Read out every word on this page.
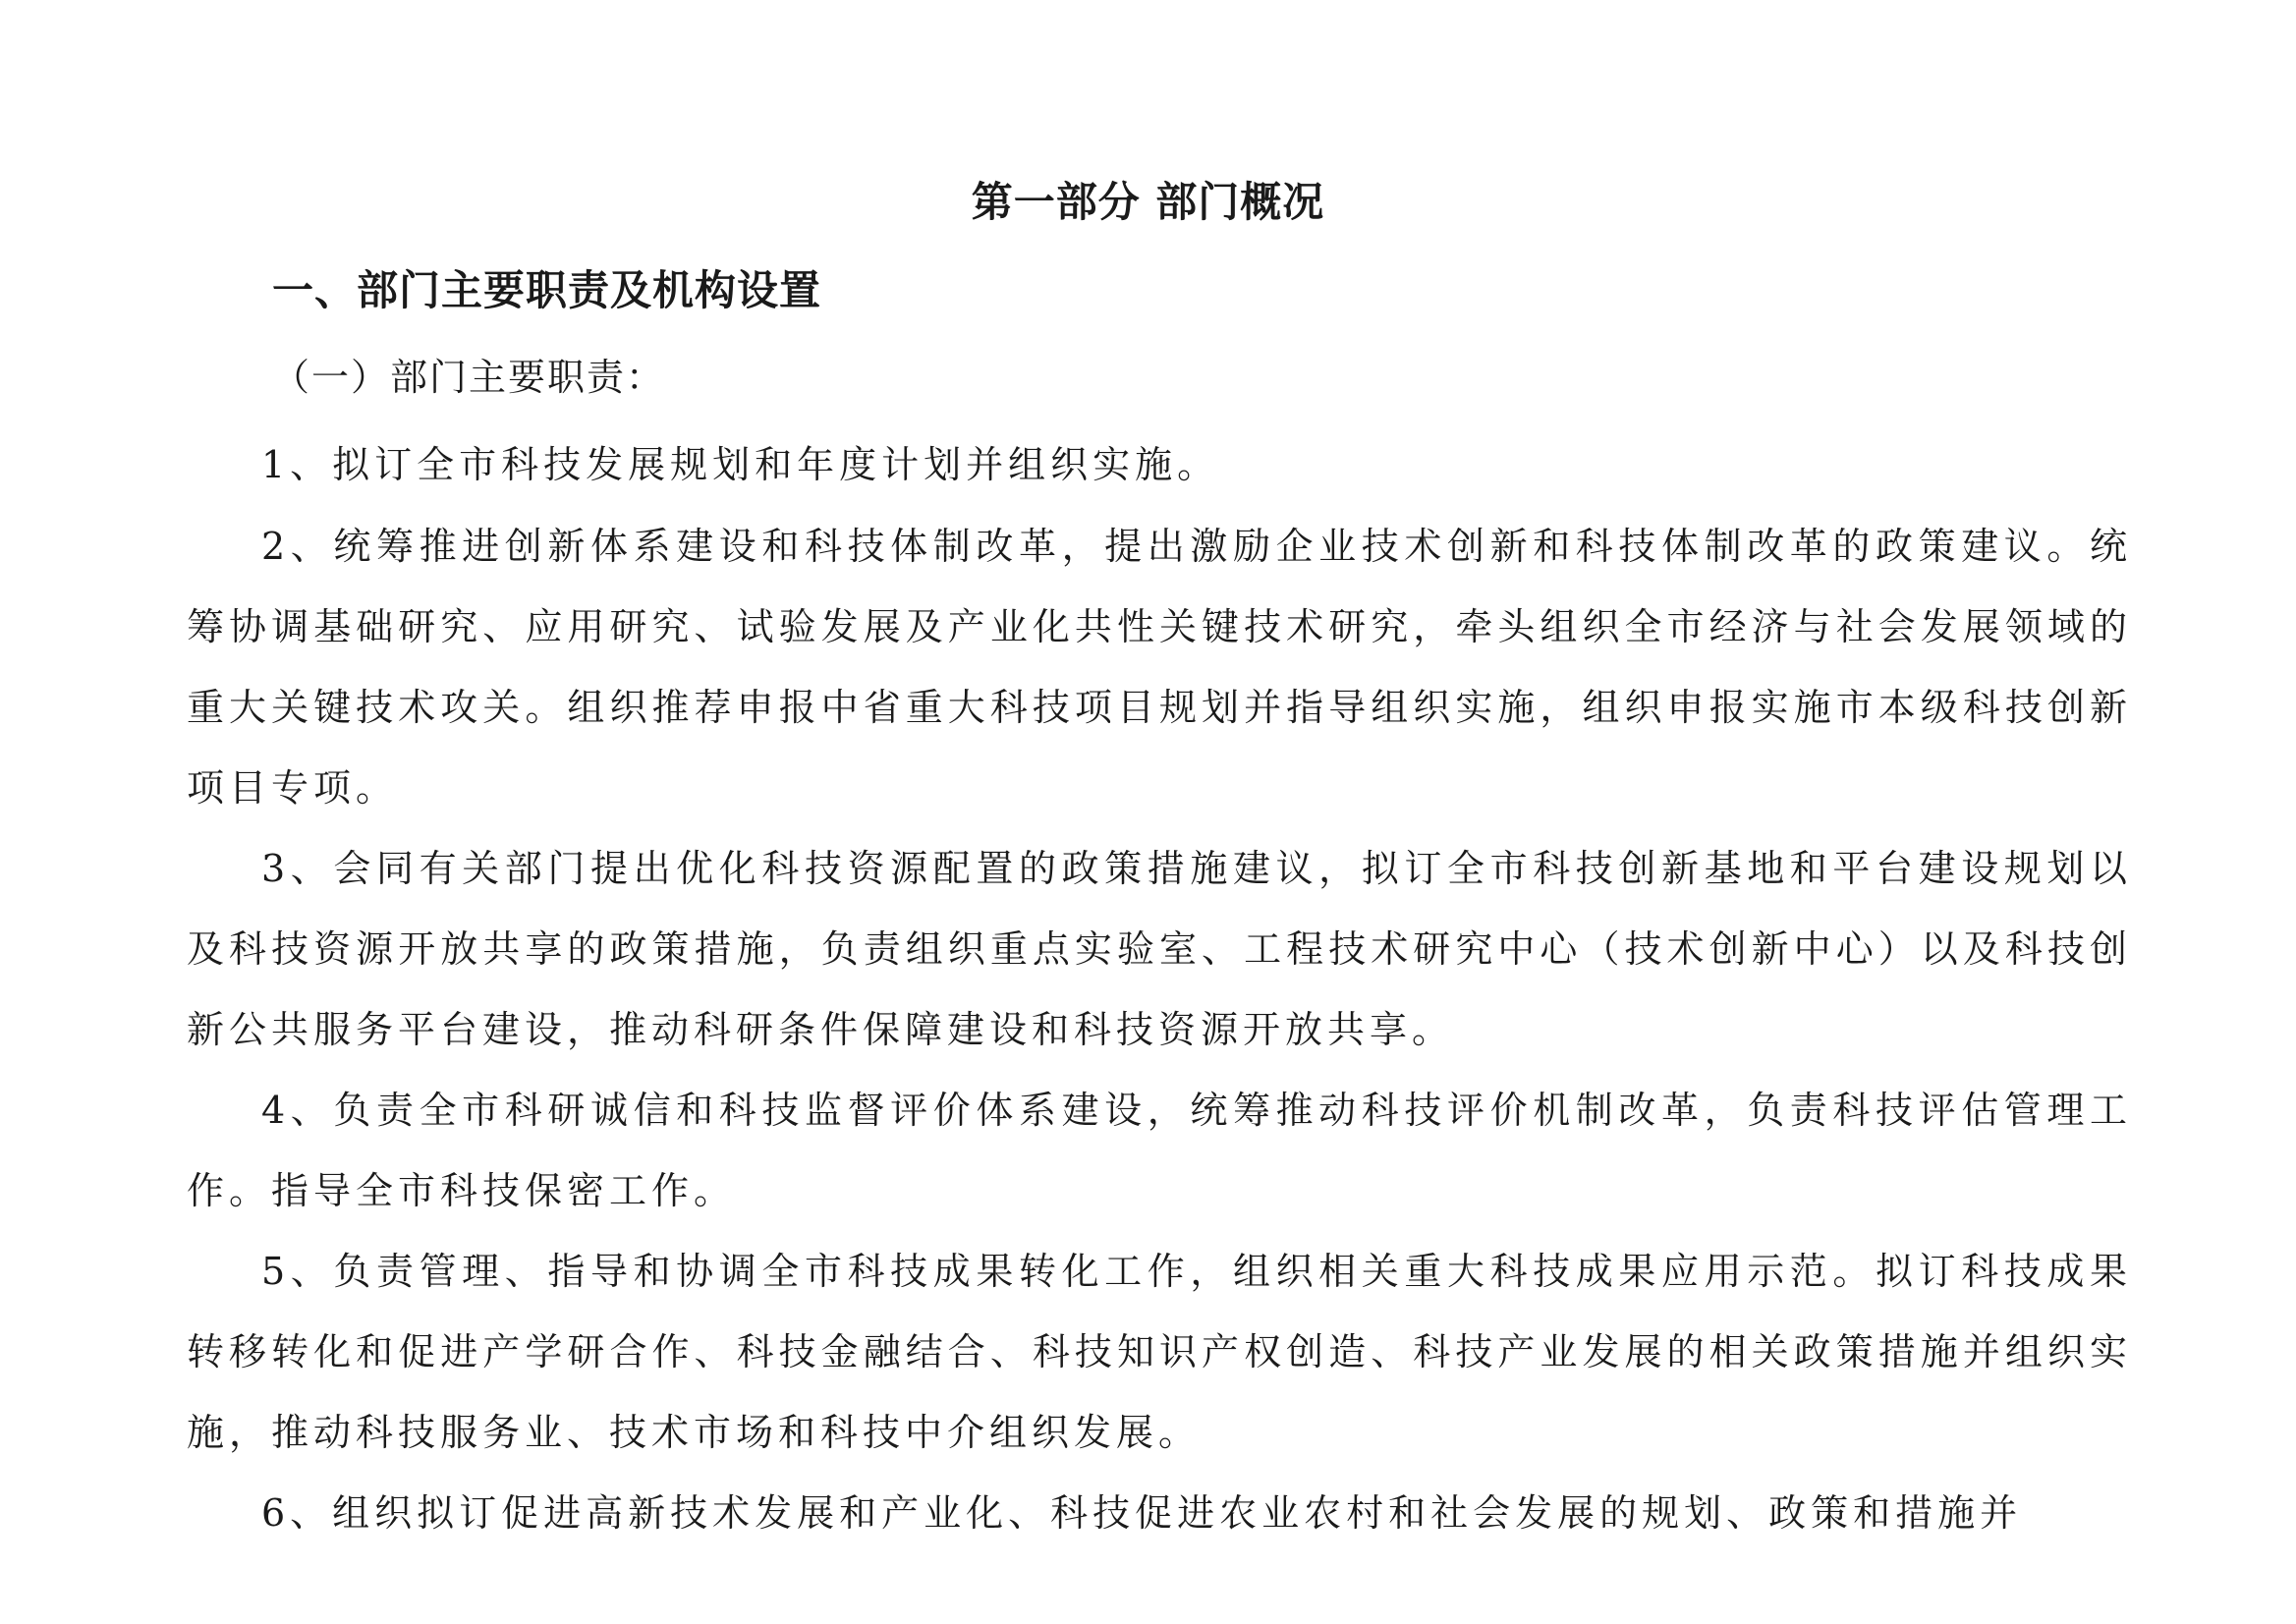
第一部分 部门概况
一、部门主要职责及机构设置
（一）部门主要职责：

1、拟订全市科技发展规划和年度计划并组织实施。

2、统筹推进创新体系建设和科技体制改革，提出激励企业技术创新和科技体制改革的政策建议。统筹协调基础研究、应用研究、试验发展及产业化共性关键技术研究，牵头组织全市经济与社会发展领域的重大关键技术攻关。组织推荐申报中省重大科技项目规划并指导组织实施，组织申报实施市本级科技创新项目专项。

3、会同有关部门提出优化科技资源配置的政策措施建议，拟订全市科技创新基地和平台建设规划以及科技资源开放共享的政策措施，负责组织重点实验室、工程技术研究中心（技术创新中心）以及科技创新公共服务平台建设，推动科研条件保障建设和科技资源开放共享。

4、负责全市科研诚信和科技监督评价体系建设，统筹推动科技评价机制改革，负责科技评估管理工作。指导全市科技保密工作。

5、负责管理、指导和协调全市科技成果转化工作，组织相关重大科技成果应用示范。拟订科技成果转移转化和促进产学研合作、科技金融结合、科技知识产权创造、科技产业发展的相关政策措施并组织实施，推动科技服务业、技术市场和科技中介组织发展。

6、组织拟订促进高新技术发展和产业化、科技促进农业农村和社会发展的规划、政策和措施并
